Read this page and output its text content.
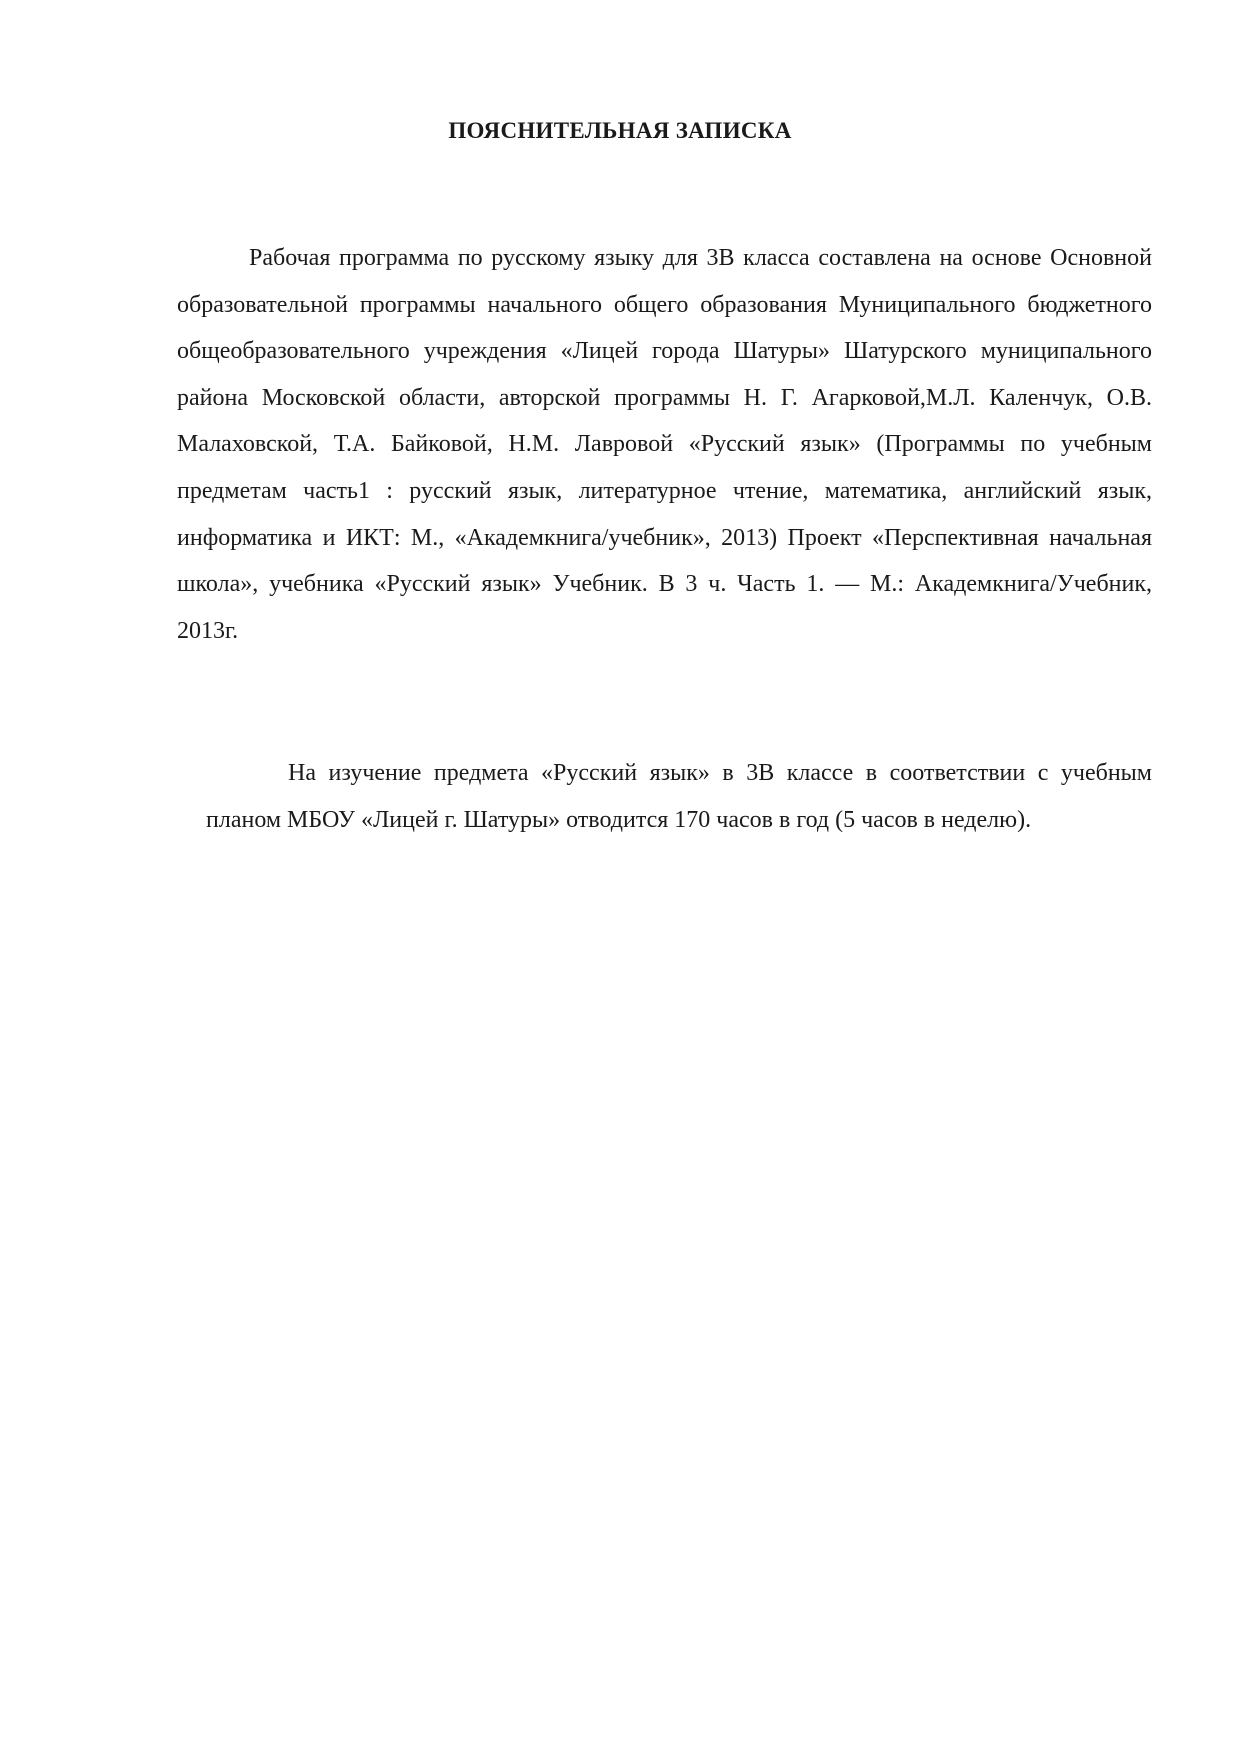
ПОЯСНИТЕЛЬНАЯ ЗАПИСКА

Рабочая программа по русскому языку для 3В класса составлена на основе Основной образовательной программы начального общего образования Муниципального бюджетного общеобразовательного учреждения «Лицей города Шатуры» Шатурского муниципального района Московской области, авторской программы Н. Г. Агарковой,М.Л. Каленчук, О.В. Малаховской, Т.А. Байковой, Н.М. Лавровой «Русский язык» (Программы по учебным предметам часть1 : русский язык, литературное чтение, математика, английский язык, информатика и ИКТ: М., «Академкнига/учебник», 2013) Проект «Перспективная начальная школа», учебника «Русский язык» Учебник. В 3 ч. Часть 1. — М.: Академкнига/Учебник, 2013г.

На изучение предмета «Русский язык» в 3В классе в соответствии с учебным планом МБОУ «Лицей г. Шатуры» отводится 170 часов в год (5 часов в неделю).
